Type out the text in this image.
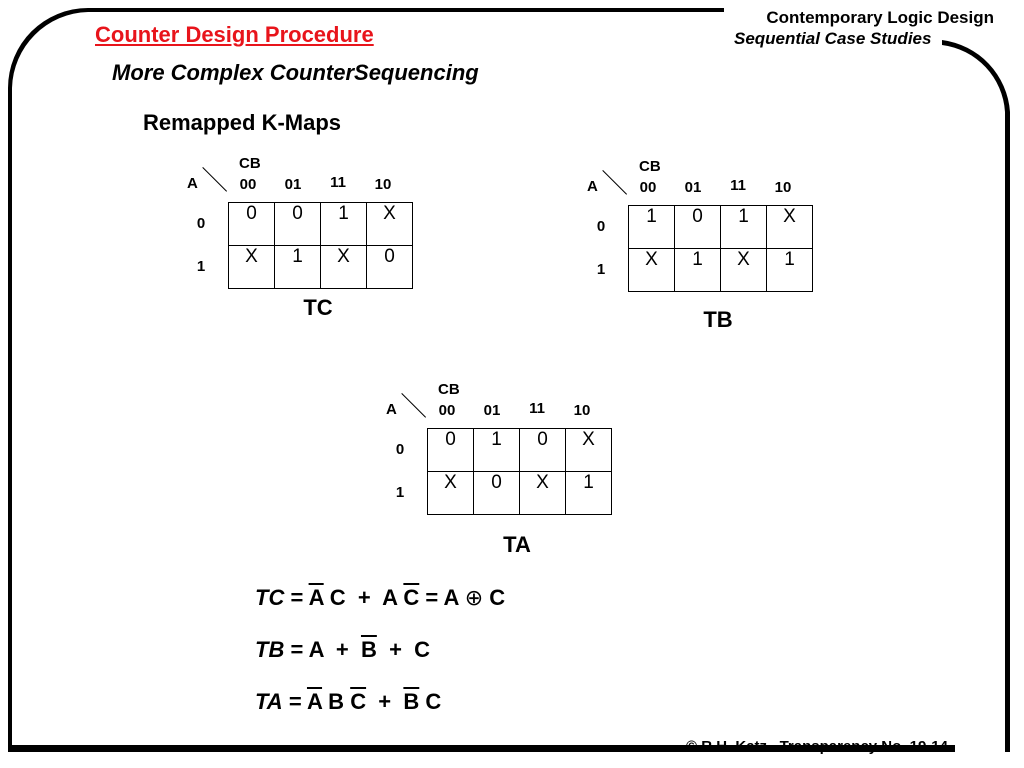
Counter Design Procedure
More Complex CounterSequencing
Contemporary Logic Design
Sequential Case Studies
Remapped K-Maps
CB
A	00	01	11	10
0
1
0	0	1	X
X	1	X	0
TC
CB
A	00	01	11	10
0
1
1	0	1	X
X	1	X	1
TB
CB
A	00	01	11	10
0
1
0	1	0	X
X	0	X	1
TA
TC = $\overline{A}$ C  +  A $\overline{C} = A$ ⊕ C
TB = $A + \overline{B} + C$
TA = $\overline{A}$ B $\overline{C} + \overline{B}$ C
© R.H. Katz Transparency No. 19-14
